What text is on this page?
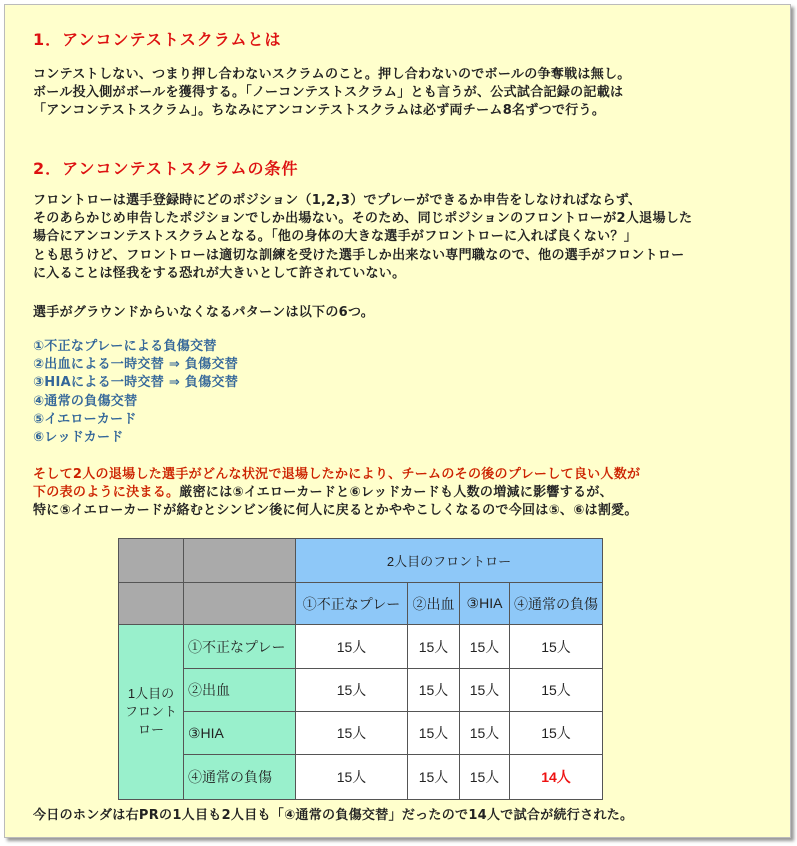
1．アンコンテストスクラムとは
コンテストしない、つまり押し合わないスクラムのこと。押し合わないのでボールの争奪戦は無し。
ボール投入側がボールを獲得する。「ノーコンテストスクラム」とも言うが、公式試合記録の記載は
「アンコンテストスクラム」。ちなみにアンコンテストスクラムは必ず両チーム8名ずつで行う。
2．アンコンテストスクラムの条件
フロントローは選手登録時にどのポジション（1,2,3）でプレーができるか申告をしなければならず、
そのあらかじめ申告したポジションでしか出場ない。そのため、同じポジションのフロントローが2人退場した
場合にアンコンテストスクラムとなる。「他の身体の大きな選手がフロントローに入れば良くない？」
とも思うけど、フロントローは適切な訓練を受けた選手しか出来ない専門職なので、他の選手がフロントロー
に入ることは怪我をする恐れが大きいとして許されていない。
選手がグラウンドからいなくなるパターンは以下の6つ。
①不正なプレーによる負傷交替
②出血による一時交替 ⇒ 負傷交替
③HIAによる一時交替 ⇒ 負傷交替
④通常の負傷交替
⑤イエローカード
⑥レッドカード
そして2人の退場した選手がどんな状況で退場したかにより、チームのその後のプレーして良い人数が
下の表のように決まる。厳密には⑤イエローカードと⑥レッドカードも人数の増減に影響するが、
特に⑤イエローカードが絡むとシンビン後に何人に戻るとかややこしくなるので今回は⑤、⑥は割愛。
		2人目のフロントロー			
		①不正なプレー	②出血	③HIA	④通常の負傷

1人目の
フロント
ロー	①不正なプレー	15人	15人	15人	15人
	②出血	15人	15人	15人	15人
	③HIA	15人	15人	15人	15人
	④通常の負傷	15人	15人	15人	14人
今日のホンダは右PRの1人目も2人目も「④通常の負傷交替」だったので14人で試合が続行された。
